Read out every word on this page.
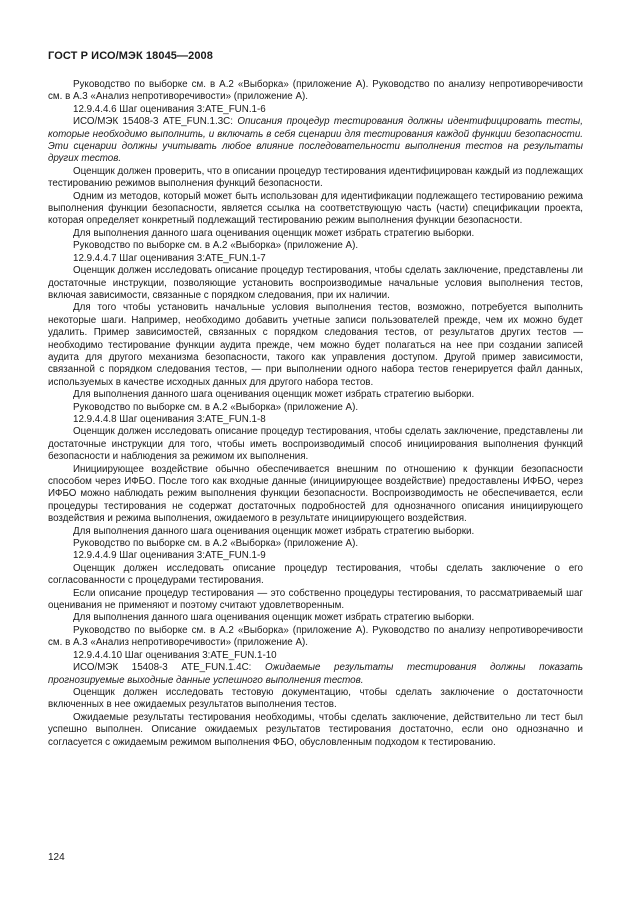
ГОСТ Р ИСО/МЭК 18045—2008

Руководство по выборке см. в А.2 «Выборка» (приложение А). Руководство по анализу непротиворечивости см. в А.3 «Анализ непротиворечивости» (приложение А).

12.9.4.4.6 Шаг оценивания 3:ATE_FUN.1-6

ИСО/МЭК 15408-3 ATE_FUN.1.3C: Описания процедур тестирования должны идентифицировать тесты, которые необходимо выполнить, и включать в себя сценарии для тестирования каждой функции безопасности. Эти сценарии должны учитывать любое влияние последовательности выполнения тестов на результаты других тестов.

Оценщик должен проверить, что в описании процедур тестирования идентифицирован каждый из подлежащих тестированию режимов выполнения функций безопасности.

Одним из методов, который может быть использован для идентификации подлежащего тестированию режима выполнения функции безопасности, является ссылка на соответствующую часть (части) спецификации проекта, которая определяет конкретный подлежащий тестированию режим выполнения функции безопасности.

Для выполнения данного шага оценивания оценщик может избрать стратегию выборки.

Руководство по выборке см. в А.2 «Выборка» (приложение А).

12.9.4.4.7 Шаг оценивания 3:ATE_FUN.1-7

Оценщик должен исследовать описание процедур тестирования, чтобы сделать заключение, представлены ли достаточные инструкции, позволяющие установить воспроизводимые начальные условия выполнения тестов, включая зависимости, связанные с порядком следования, при их наличии.

Для того чтобы установить начальные условия выполнения тестов, возможно, потребуется выполнить некоторые шаги. Например, необходимо добавить учетные записи пользователей прежде, чем их можно будет удалить. Пример зависимостей, связанных с порядком следования тестов, от результатов других тестов — необходимо тестирование функции аудита прежде, чем можно будет полагаться на нее при создании записей аудита для другого механизма безопасности, такого как управления доступом. Другой пример зависимости, связанной с порядком следования тестов, — при выполнении одного набора тестов генерируется файл данных, используемых в качестве исходных данных для другого набора тестов.

Для выполнения данного шага оценивания оценщик может избрать стратегию выборки.

Руководство по выборке см. в А.2 «Выборка» (приложение А).

12.9.4.4.8 Шаг оценивания 3:ATE_FUN.1-8

Оценщик должен исследовать описание процедур тестирования, чтобы сделать заключение, представлены ли достаточные инструкции для того, чтобы иметь воспроизводимый способ инициирования выполнения функций безопасности и наблюдения за режимом их выполнения.

Инициирующее воздействие обычно обеспечивается внешним по отношению к функции безопасности способом через ИФБО. После того как входные данные (инициирующее воздействие) предоставлены ИФБО, через ИФБО можно наблюдать режим выполнения функции безопасности. Воспроизводимость не обеспечивается, если процедуры тестирования не содержат достаточных подробностей для однозначного описания инициирующего воздействия и режима выполнения, ожидаемого в результате инициирующего воздействия.

Для выполнения данного шага оценивания оценщик может избрать стратегию выборки.

Руководство по выборке см. в А.2 «Выборка» (приложение А).

12.9.4.4.9 Шаг оценивания 3:ATE_FUN.1-9

Оценщик должен исследовать описание процедур тестирования, чтобы сделать заключение о его согласованности с процедурами тестирования.

Если описание процедур тестирования — это собственно процедуры тестирования, то рассматриваемый шаг оценивания не применяют и поэтому считают удовлетворенным.

Для выполнения данного шага оценивания оценщик может избрать стратегию выборки.

Руководство по выборке см. в А.2 «Выборка» (приложение А). Руководство по анализу непротиворечивости см. в А.3 «Анализ непротиворечивости» (приложение А).

12.9.4.4.10 Шаг оценивания 3:ATE_FUN.1-10

ИСО/МЭК 15408-3 ATE_FUN.1.4C: Ожидаемые результаты тестирования должны показать прогнозируемые выходные данные успешного выполнения тестов.

Оценщик должен исследовать тестовую документацию, чтобы сделать заключение о достаточности включенных в нее ожидаемых результатов выполнения тестов.

Ожидаемые результаты тестирования необходимы, чтобы сделать заключение, действительно ли тест был успешно выполнен. Описание ожидаемых результатов тестирования достаточно, если оно однозначно и согласуется с ожидаемым режимом выполнения ФБО, обусловленным подходом к тестированию.

124
